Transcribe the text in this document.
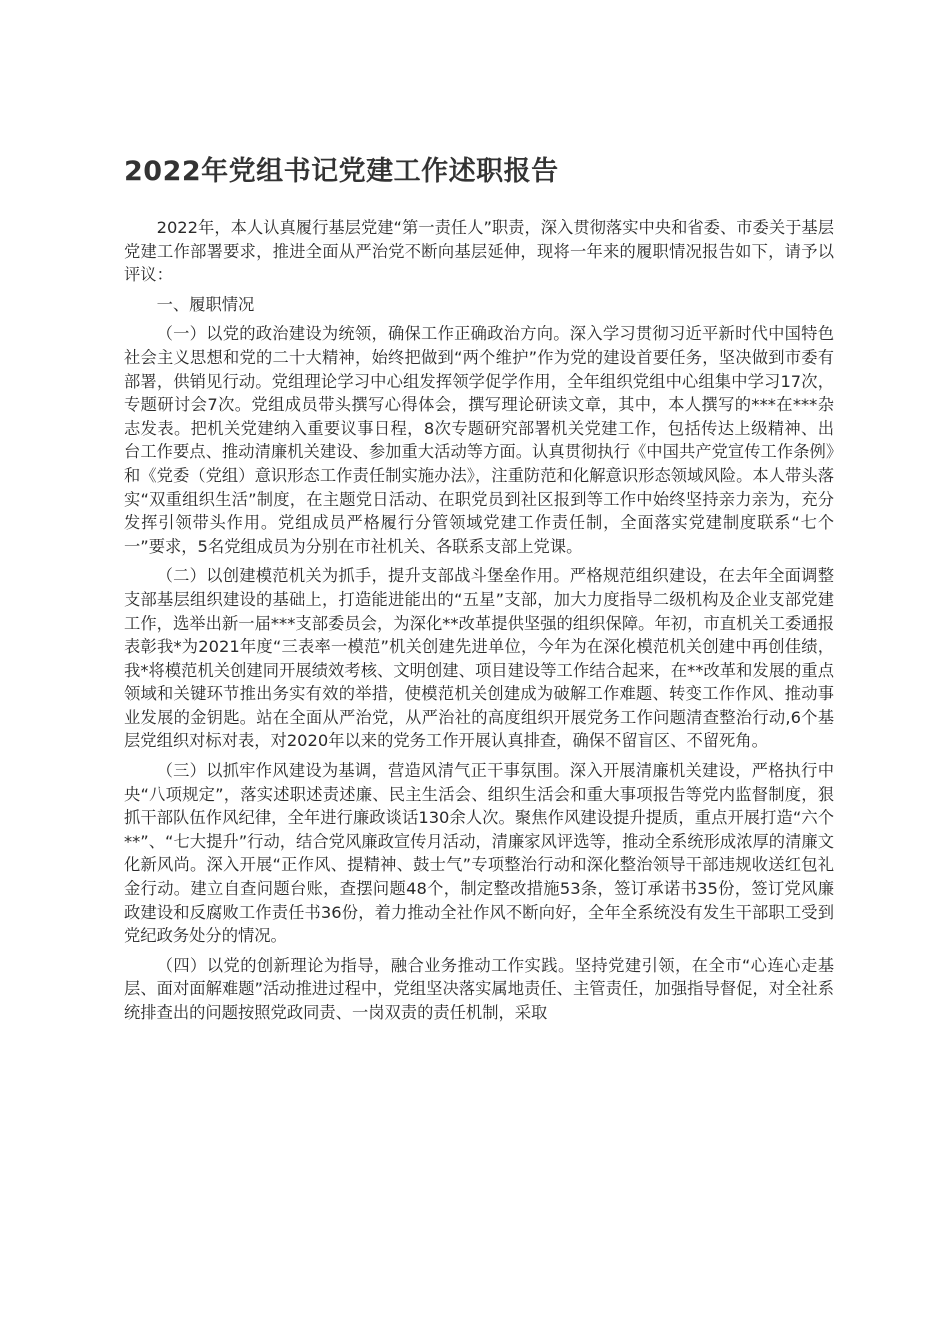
2022年党组书记党建工作述职报告

2022年，本人认真履行基层党建“第一责任人”职责，深入贯彻落实中央和省委、市委关于基层党建工作部署要求，推进全面从严治党不断向基层延伸，现将一年来的履职情况报告如下，请予以评议：

一、履职情况

（一）以党的政治建设为统领，确保工作正确政治方向。深入学习贯彻习近平新时代中国特色社会主义思想和党的二十大精神，始终把做到“两个维护”作为党的建设首要任务，坚决做到市委有部署，供销见行动。党组理论学习中心组发挥领学促学作用，全年组织党组中心组集中学习17次，专题研讨会7次。党组成员带头撰写心得体会，撰写理论研读文章，其中，本人撰写的***在***杂志发表。把机关党建纳入重要议事日程，8次专题研究部署机关党建工作，包括传达上级精神、出台工作要点、推动清廉机关建设、参加重大活动等方面。认真贯彻执行《中国共产党宣传工作条例》和《党委（党组）意识形态工作责任制实施办法》，注重防范和化解意识形态领域风险。本人带头落实“双重组织生活”制度，在主题党日活动、在职党员到社区报到等工作中始终坚持亲力亲为，充分发挥引领带头作用。党组成员严格履行分管领域党建工作责任制，全面落实党建制度联系“七个一”要求，5名党组成员为分别在市社机关、各联系支部上党课。

（二）以创建模范机关为抓手，提升支部战斗堡垒作用。严格规范组织建设，在去年全面调整支部基层组织建设的基础上，打造能进能出的“五星”支部，加大力度指导二级机构及企业支部党建工作，选举出新一届***支部委员会，为深化**改革提供坚强的组织保障。年初，市直机关工委通报表彰我*为2021年度“三表率一模范”机关创建先进单位，今年为在深化模范机关创建中再创佳绩，我*将模范机关创建同开展绩效考核、文明创建、项目建设等工作结合起来，在**改革和发展的重点领域和关键环节推出务实有效的举措，使模范机关创建成为破解工作难题、转变工作作风、推动事业发展的金钥匙。站在全面从严治党，从严治社的高度组织开展党务工作问题清查整治行动,6个基层党组织对标对表，对2020年以来的党务工作开展认真排查，确保不留盲区、不留死角。

（三）以抓牢作风建设为基调，营造风清气正干事氛围。深入开展清廉机关建设，严格执行中央“八项规定”，落实述职述责述廉、民主生活会、组织生活会和重大事项报告等党内监督制度，狠抓干部队伍作风纪律，全年进行廉政谈话130余人次。聚焦作风建设提升提质，重点开展打造“六个**”、“七大提升”行动，结合党风廉政宣传月活动，清廉家风评选等，推动全系统形成浓厚的清廉文化新风尚。深入开展“正作风、提精神、鼓士气”专项整治行动和深化整治领导干部违规收送红包礼金行动。建立自查问题台账，查摆问题48个，制定整改措施53条，签订承诺书35份，签订党风廉政建设和反腐败工作责任书36份，着力推动全社作风不断向好，全年全系统没有发生干部职工受到党纪政务处分的情况。

（四）以党的创新理论为指导，融合业务推动工作实践。坚持党建引领，在全市“心连心走基层、面对面解难题”活动推进过程中，党组坚决落实属地责任、主管责任，加强指导督促，对全社系统排查出的问题按照党政同责、一岗双责的责任机制，采取
